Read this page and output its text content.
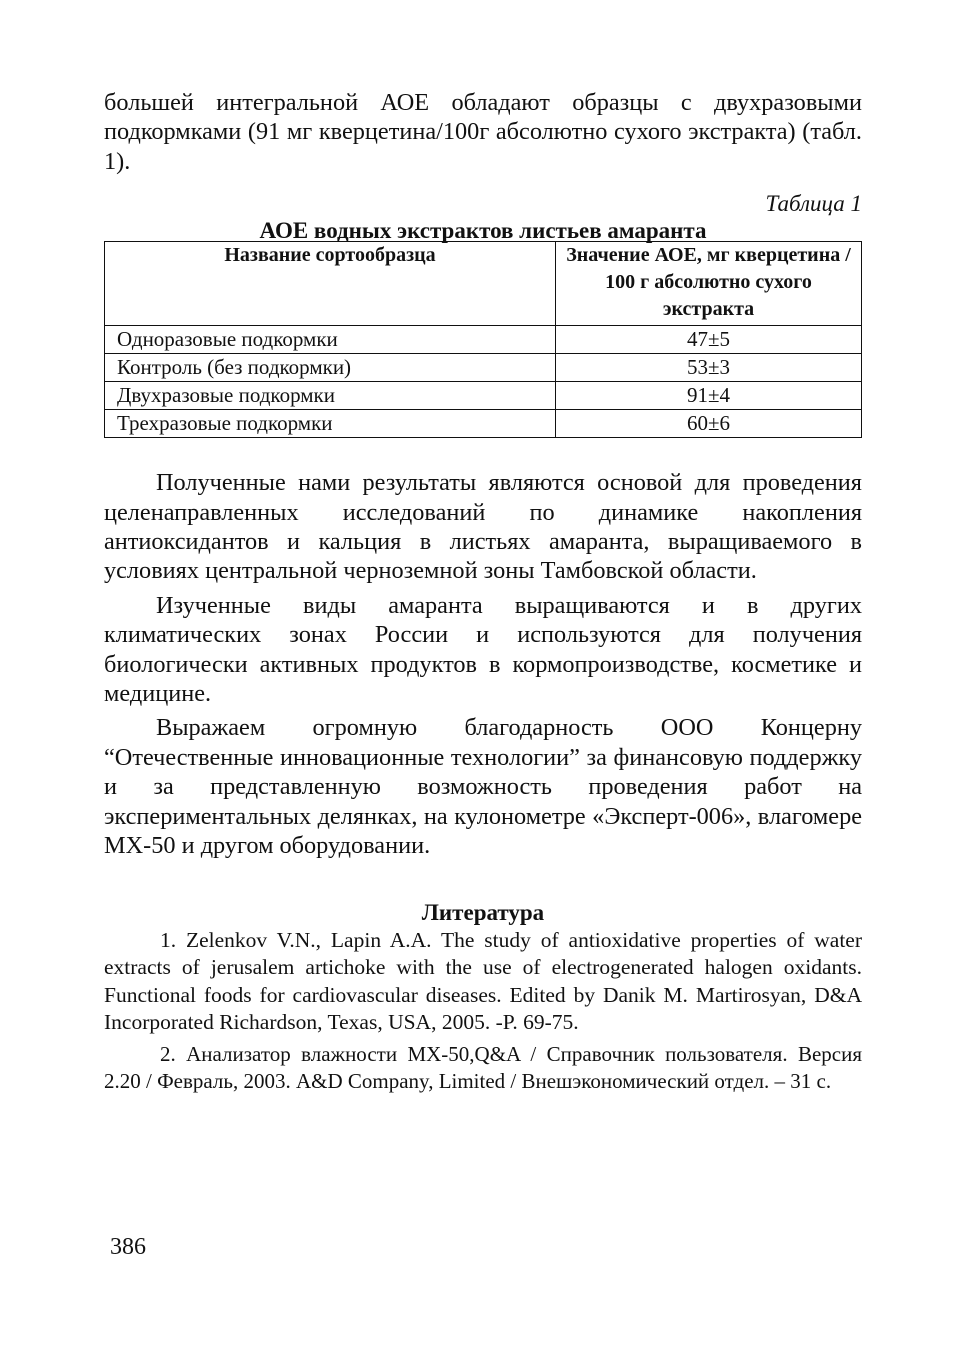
большей интегральной АОЕ обладают образцы с двухразовыми подкормками (91 мг кверцетина/100г абсолютно сухого экстракта) (табл. 1).

Таблица 1

АОЕ водных экстрактов листьев амаранта

Название сортообразца	Значение АОЕ, мг кверцетина / 100 г абсолютно сухого экстракта
Одноразовые подкормки	47±5
Контроль (без подкормки)	53±3
Двухразовые подкормки	91±4
Трехразовые подкормки	60±6

Полученные нами результаты являются основой для проведения целенаправленных исследований по динамике накопления антиоксидантов и кальция в листьях амаранта, выращиваемого в условиях центральной черноземной зоны Тамбовской области.

Изученные виды амаранта выращиваются и в других климатических зонах России и используются для получения биологически активных продуктов в кормопроизводстве, косметике и медицине.

Выражаем огромную благодарность ООО Концерну “Отечественные инновационные технологии” за финансовую поддержку и за представленную возможность проведения работ на экспериментальных делянках, на кулонометре «Эксперт-006», влагомере МХ-50 и другом оборудовании.

Литература

1. Zelenkov V.N., Lapin A.A. The study of antioxidative properties of water extracts of jerusalem artichoke with the use of electrogenerated halogen oxidants. Functional foods for cardiovascular diseases. Edited by Danik M. Martirosyan, D&A Incorporated Richardson, Texas, USA, 2005. -P. 69-75.

2. Анализатор влажности МХ-50,Q&A / Справочник пользователя. Версия 2.20 / Февраль, 2003. A&D Company, Limited / Внешэкономический отдел. – 31 с.

386
